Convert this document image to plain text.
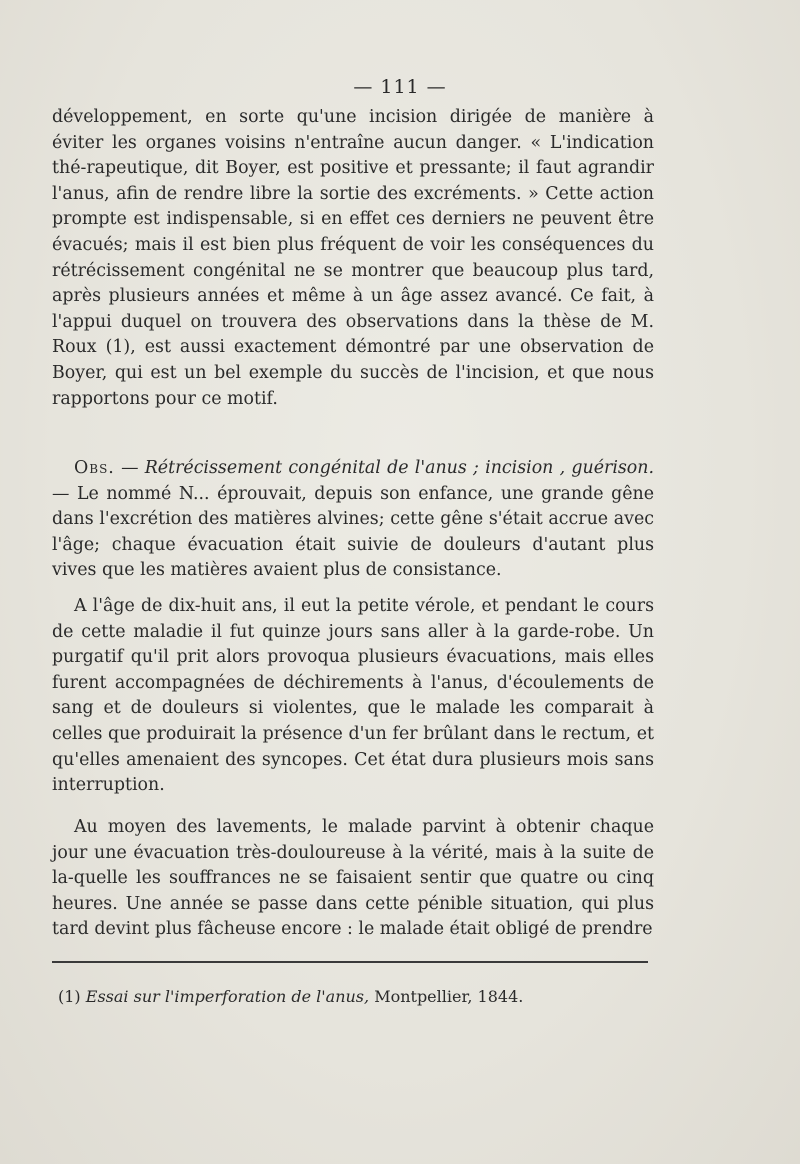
— 111 —

développement, en sorte qu'une incision dirigée de manière à éviter les organes voisins n'entraîne aucun danger. « L'indication thé-rapeutique, dit Boyer, est positive et pressante; il faut agrandir l'anus, afin de rendre libre la sortie des excréments. » Cette action prompte est indispensable, si en effet ces derniers ne peuvent être évacués; mais il est bien plus fréquent de voir les conséquences du rétrécissement congénital ne se montrer que beaucoup plus tard, après plusieurs années et même à un âge assez avancé. Ce fait, à l'appui duquel on trouvera des observations dans la thèse de M. Roux (1), est aussi exactement démontré par une observation de Boyer, qui est un bel exemple du succès de l'incision, et que nous rapportons pour ce motif.

Obs. — Rétrécissement congénital de l'anus ; incision , guérison. — Le nommé N... éprouvait, depuis son enfance, une grande gêne dans l'excrétion des matières alvines; cette gêne s'était accrue avec l'âge; chaque évacuation était suivie de douleurs d'autant plus vives que les matières avaient plus de consistance.

A l'âge de dix-huit ans, il eut la petite vérole, et pendant le cours de cette maladie il fut quinze jours sans aller à la garde-robe. Un purgatif qu'il prit alors provoqua plusieurs évacuations, mais elles furent accompagnées de déchirements à l'anus, d'écoulements de sang et de douleurs si violentes, que le malade les comparait à celles que produirait la présence d'un fer brûlant dans le rectum, et qu'elles amenaient des syncopes. Cet état dura plusieurs mois sans interruption.

Au moyen des lavements, le malade parvint à obtenir chaque jour une évacuation très-douloureuse à la vérité, mais à la suite de la-quelle les souffrances ne se faisaient sentir que quatre ou cinq heures. Une année se passe dans cette pénible situation, qui plus tard devint plus fâcheuse encore : le malade était obligé de prendre

(1) Essai sur l'imperforation de l'anus, Montpellier, 1844.
